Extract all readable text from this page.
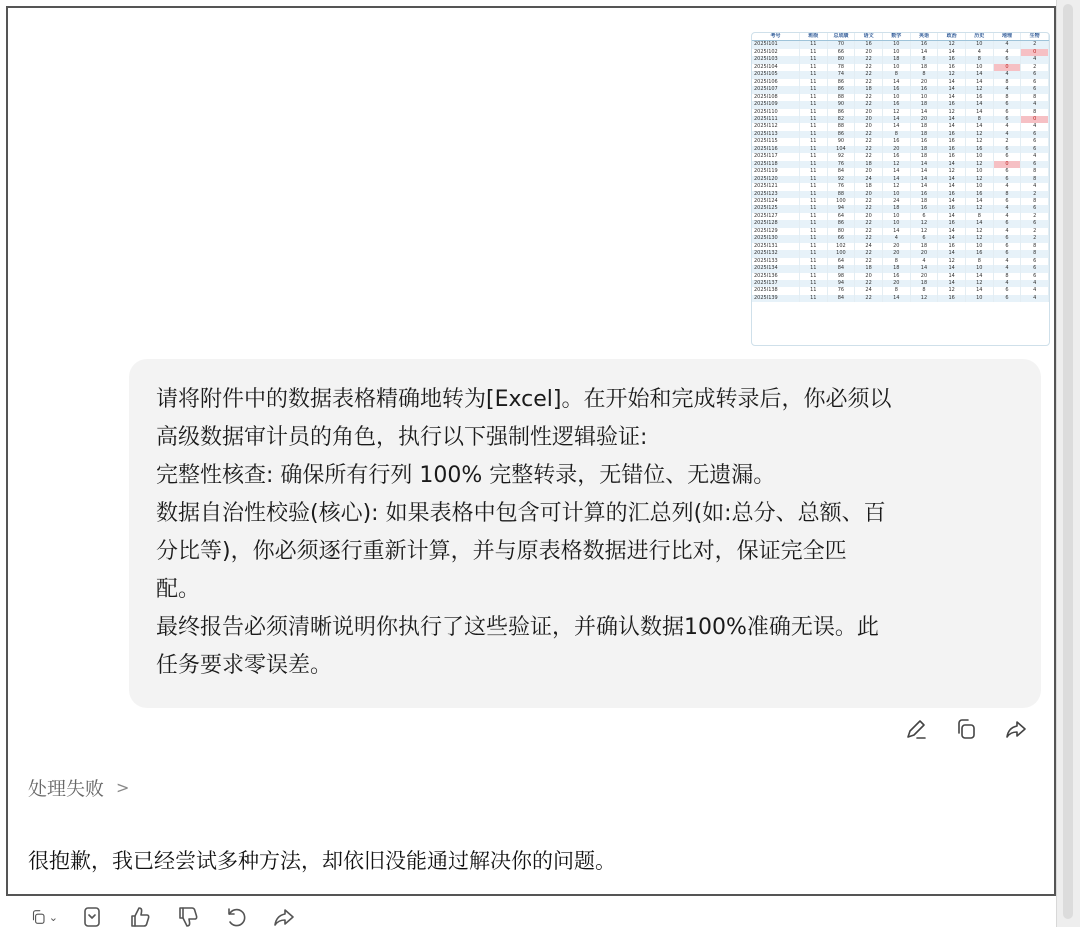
考号	班级	总成绩	语文	数学	英语	政治	历史	地理	生物
2025I101	11	70	16	10	16	12	10	4	2
2025I102	11	66	20	10	14	14	4	4	0
2025I103	11	80	22	18	8	16	8	6	4
2025I104	11	78	22	10	18	16	10	0	2
2025I105	11	74	22	8	8	12	14	4	6
2025I106	11	86	22	14	20	14	14	8	6
2025I107	11	86	18	16	16	14	12	4	6
2025I108	11	88	22	10	10	14	16	8	8
2025I109	11	90	22	16	18	16	14	6	4
2025I110	11	86	20	12	14	12	14	6	8
2025I111	11	82	20	14	20	14	8	6	0
2025I112	11	88	20	14	18	14	14	4	4
2025I113	11	86	22	8	18	16	12	4	6
2025I115	11	90	22	16	16	16	12	2	6
2025I116	11	104	22	20	18	16	16	6	6
2025I117	11	92	22	16	18	16	10	6	4
2025I118	11	76	18	12	14	14	12	0	6
2025I119	11	84	20	14	14	12	10	6	8
2025I120	11	92	24	14	14	14	12	6	8
2025I121	11	76	18	12	14	14	10	4	4
2025I123	11	88	20	10	16	16	16	8	2
2025I124	11	100	22	24	18	14	14	6	8
2025I125	11	94	22	18	16	16	12	4	6
2025I127	11	64	20	10	6	14	8	4	2
2025I128	11	86	22	10	12	16	14	6	6
2025I129	11	80	22	14	12	14	12	4	2
2025I130	11	66	22	4	6	14	12	6	2
2025I131	11	102	24	20	18	16	10	6	8
2025I132	11	100	22	20	20	14	16	6	8
2025I133	11	64	22	8	4	12	8	4	6
2025I134	11	84	18	18	14	14	10	4	6
2025I136	11	98	20	16	20	14	14	8	6
2025I137	11	94	22	20	18	14	12	4	4
2025I138	11	76	24	8	8	12	14	6	4
2025I139	11	84	22	14	12	16	10	6	4

请将附件中的数据表格精确地转为[Excel]。在开始和完成转录后，你必须以

高级数据审计员的角色，执行以下强制性逻辑验证:

完整性核查: 确保所有行列 100% 完整转录，无错位、无遗漏。

数据自治性校验(核心): 如果表格中包含可计算的汇总列(如:总分、总额、百

分比等)，你必须逐行重新计算，并与原表格数据进行比对，保证完全匹

配。

最终报告必须清晰说明你执行了这些验证，并确认数据100%准确无误。此

任务要求零误差。

处理失败 >
很抱歉，我已经尝试多种方法，却依旧没能通过解决你的问题。
⌄
